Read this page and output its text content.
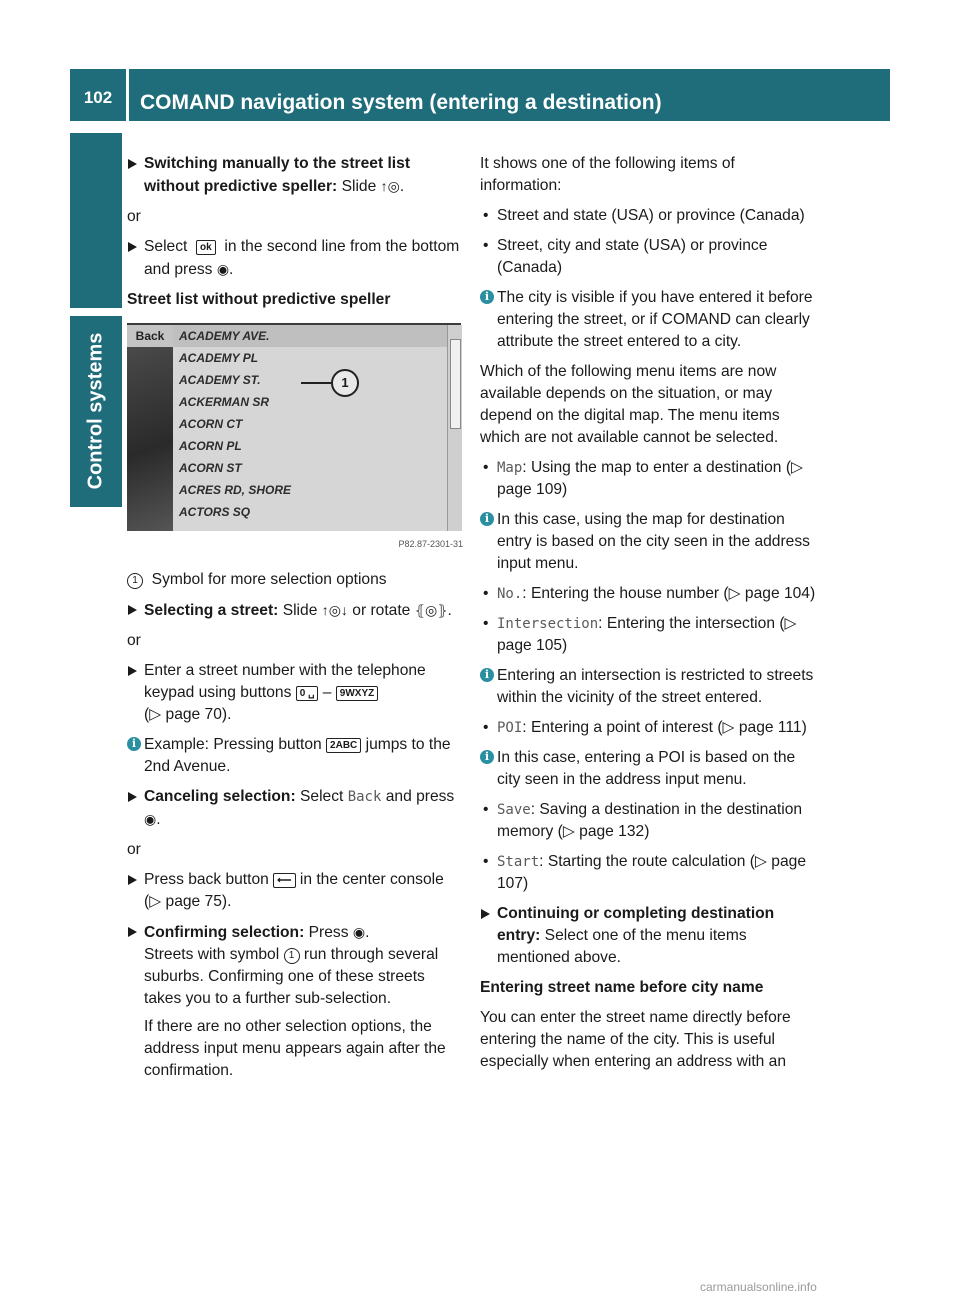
102	COMAND navigation system (entering a destination)
Control systems
Switching manually to the street list without predictive speller: Slide ↑◎.

or

Select ok in the second line from the bottom and press ◉.

Street list without predictive speller

Back	ACADEMY AVE.
ACADEMY PL
ACADEMY ST.
ACKERMAN SR
ACORN CT
ACORN PL
ACORN ST
ACRES RD, SHORE
ACTORS SQ
1
P82.87-2301-31

1 Symbol for more selection options

Selecting a street: Slide ↑◎↓ or rotate ⦃◎⦄.

or

Enter a street number with the telephone keypad using buttons 0 ␣ – 9WXYZ
(▷ page 70).
i Example: Pressing button 2ABC jumps to the 2nd Avenue.
Canceling selection: Select Back and press ◉.

or

Press back button ⟵ in the center console (▷ page 75).
Confirming selection: Press ◉.
Streets with symbol 1 run through several suburbs. Confirming one of these streets takes you to a further sub-selection.
If there are no other selection options, the address input menu appears again after the confirmation.

It shows one of the following items of information:

• Street and state (USA) or province (Canada)
• Street, city and state (USA) or province (Canada)
i The city is visible if you have entered it before entering the street, or if COMAND can clearly attribute the street entered to a city.

Which of the following menu items are now available depends on the situation, or may depend on the digital map. The menu items which are not available cannot be selected.

• Map: Using the map to enter a destination (▷ page 109)
i In this case, using the map for destination entry is based on the city seen in the address input menu.
• No.: Entering the house number (▷ page 104)
• Intersection: Entering the intersection (▷ page 105)
i Entering an intersection is restricted to streets within the vicinity of the street entered.
• POI: Entering a point of interest (▷ page 111)
i In this case, entering a POI is based on the city seen in the address input menu.
• Save: Saving a destination in the destination memory (▷ page 132)
• Start: Starting the route calculation (▷ page 107)
Continuing or completing destination entry: Select one of the menu items mentioned above.

Entering street name before city name

You can enter the street name directly before entering the name of the city. This is useful especially when entering an address with an

carmanualsonline.info
